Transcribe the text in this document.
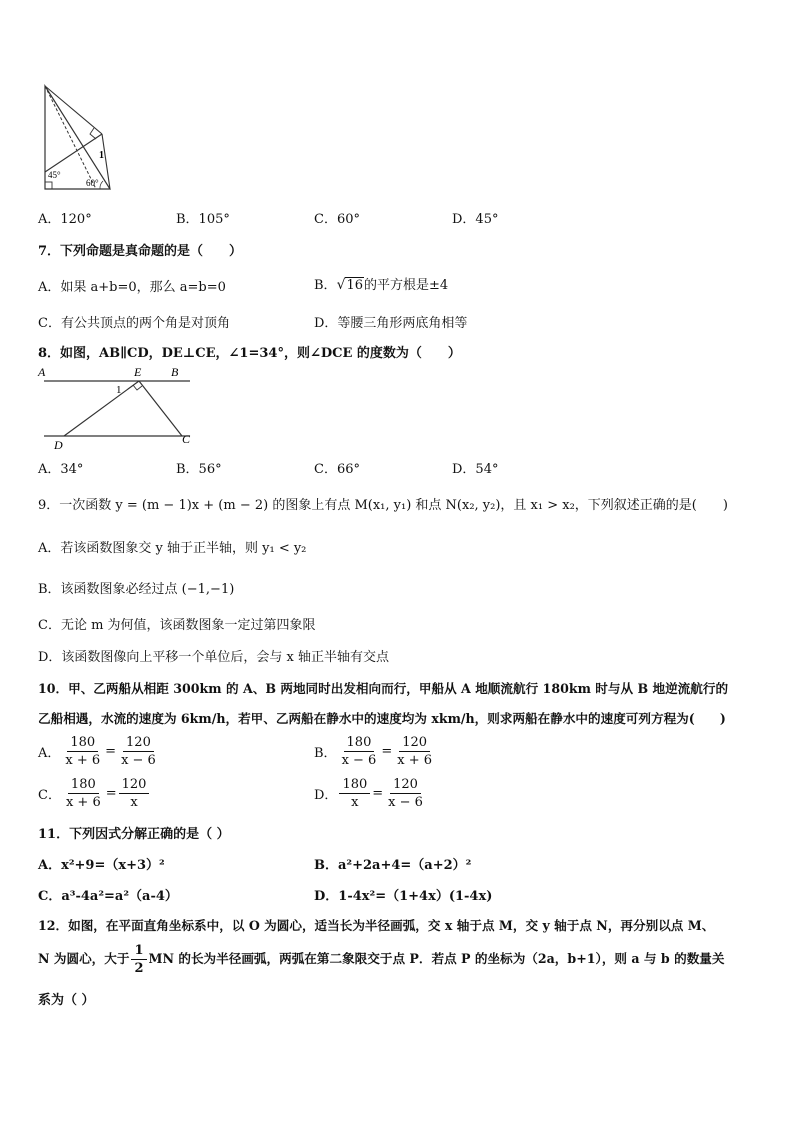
45°
60°
1
A．120°	B．105°	C．60°	D．45°
7．下列命题是真命题的是（　　）
A．如果 a+b=0，那么 a=b=0	B．√16的平方根是±4
C．有公共顶点的两个角是对顶角	D．等腰三角形两底角相等
8．如图，AB∥CD，DE⊥CE，∠1=34°，则∠DCE 的度数为（　　）
A	E B
D	C
1
A．34°	B．56°	C．66°	D．54°
9．一次函数 y = (m − 1)x + (m − 2) 的图象上有点 M(x₁, y₁) 和点 N(x₂, y₂)，且 x₁ > x₂，下列叙述正确的是(　　)
A．若该函数图象交 y 轴于正半轴，则 y₁ < y₂
B．该函数图象必经过点 (−1,−1)
C．无论 m 为何值，该函数图象一定过第四象限
D．该函数图像向上平移一个单位后，会与 x 轴正半轴有交点
10．甲、乙两船从相距 300km 的 A、B 两地同时出发相向而行，甲船从 A 地顺流航行 180km 时与从 B 地逆流航行的
乙船相遇，水流的速度为 6km/h，若甲、乙两船在静水中的速度均为 xkm/h，则求两船在静水中的速度可列方程为(　　)
A． $\frac{180}{x + 6} = \frac{120}{x - 6}$	B． $\frac{180}{x - 6} = \frac{120}{x + 6}$
C． $\frac{180}{x + 6} = \frac{120}{x}$	D． $\frac{180}{x} = \frac{120}{x - 6}$
11．下列因式分解正确的是（ ）
A．x²+9=（x+3）²	B．a²+2a+4=（a+2）²
C．a³-4a²=a²（a-4）	D．1-4x²=（1+4x）(1-4x)
12．如图，在平面直角坐标系中，以 O 为圆心，适当长为半径画弧，交 x 轴于点 M，交 y 轴于点 N，再分别以点 M、
N 为圆心，大于 $\frac{1}{2}$ MN 的长为半径画弧，两弧在第二象限交于点 P．若点 P 的坐标为（2a，b+1），则 a 与 b 的数量关
系为（ ）
